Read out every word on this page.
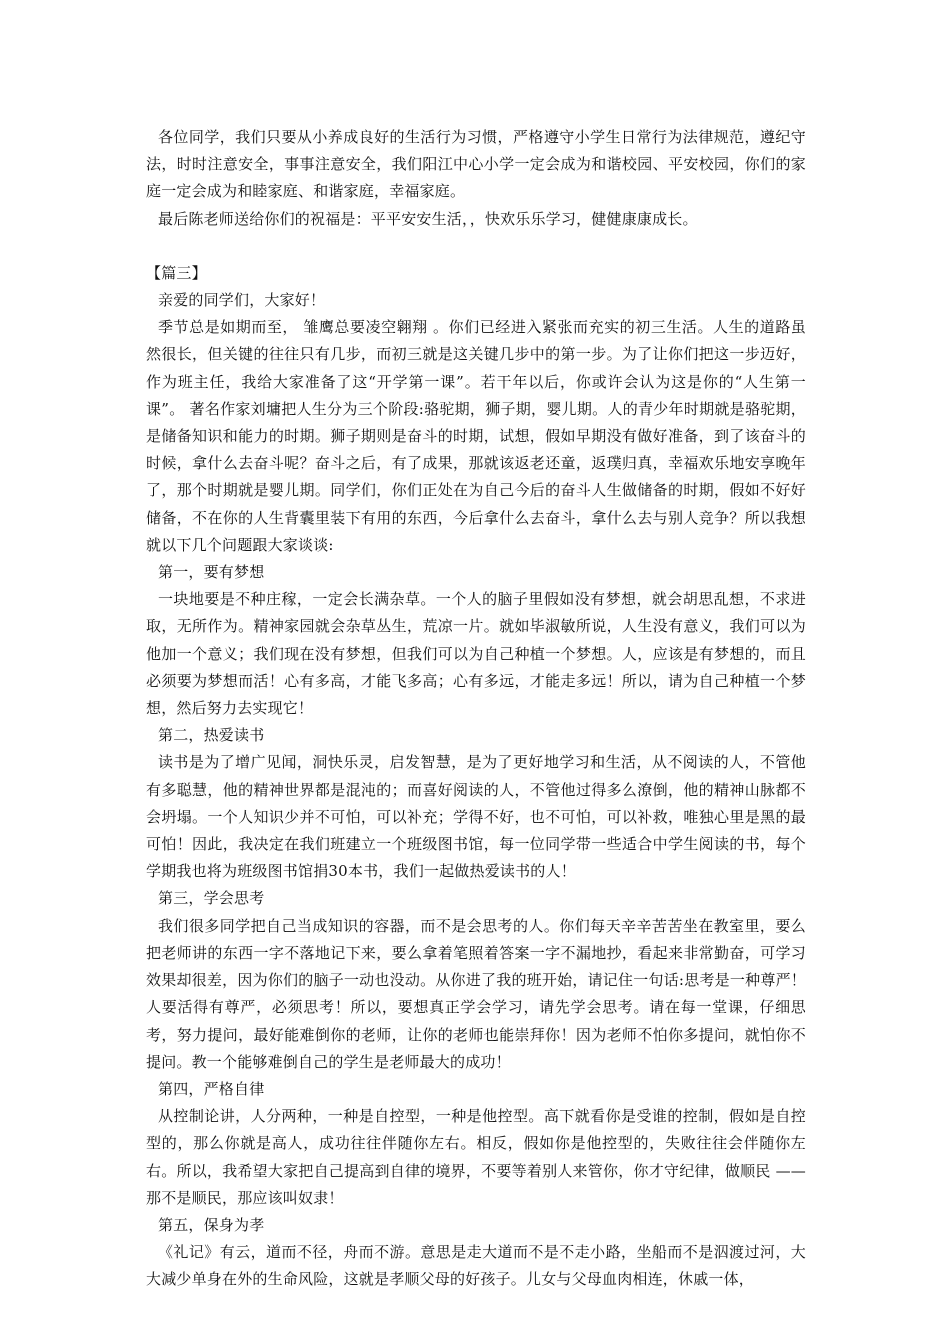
各位同学，我们只要从小养成良好的生活行为习惯，严格遵守小学生日常行为法律规范，遵纪守法，时时注意安全，事事注意安全，我们阳江中心小学一定会成为和谐校园、平安校园，你们的家庭一定会成为和睦家庭、和谐家庭，幸福家庭。

最后陈老师送给你们的祝福是：平平安安生活，，快欢乐乐学习，健健康康成长。

【篇三】

亲爱的同学们，大家好！

季节总是如期而至， 雏鹰总要凌空翱翔 。你们已经进入紧张而充实的初三生活。人生的道路虽然很长，但关键的往往只有几步，而初三就是这关键几步中的第一步。为了让你们把这一步迈好，作为班主任，我给大家准备了这“开学第一课”。若干年以后，你或许会认为这是你的“人生第一课”。 著名作家刘墉把人生分为三个阶段:骆驼期，狮子期，婴儿期。人的青少年时期就是骆驼期，是储备知识和能力的时期。狮子期则是奋斗的时期，试想，假如早期没有做好准备，到了该奋斗的时候，拿什么去奋斗呢？奋斗之后，有了成果，那就该返老还童，返璞归真，幸福欢乐地安享晚年了，那个时期就是婴儿期。同学们，你们正处在为自己今后的奋斗人生做储备的时期，假如不好好储备，不在你的人生背囊里装下有用的东西，今后拿什么去奋斗，拿什么去与别人竞争？所以我想就以下几个问题跟大家谈谈:

第一，要有梦想

一块地要是不种庄稼，一定会长满杂草。一个人的脑子里假如没有梦想，就会胡思乱想，不求进取，无所作为。精神家园就会杂草丛生，荒凉一片。就如毕淑敏所说，人生没有意义，我们可以为他加一个意义；我们现在没有梦想，但我们可以为自己种植一个梦想。人，应该是有梦想的，而且必须要为梦想而活！心有多高，才能飞多高；心有多远，才能走多远！所以，请为自己种植一个梦想，然后努力去实现它！

第二，热爱读书

读书是为了增广见闻，洞快乐灵，启发智慧，是为了更好地学习和生活，从不阅读的人，不管他有多聪慧，他的精神世界都是混沌的；而喜好阅读的人，不管他过得多么潦倒，他的精神山脉都不会坍塌。一个人知识少并不可怕，可以补充；学得不好，也不可怕，可以补救，唯独心里是黑的最可怕！因此，我决定在我们班建立一个班级图书馆，每一位同学带一些适合中学生阅读的书，每个学期我也将为班级图书馆捐30本书，我们一起做热爱读书的人！

第三，学会思考

我们很多同学把自己当成知识的容器，而不是会思考的人。你们每天辛辛苦苦坐在教室里，要么把老师讲的东西一字不落地记下来，要么拿着笔照着答案一字不漏地抄，看起来非常勤奋，可学习效果却很差，因为你们的脑子一动也没动。从你进了我的班开始，请记住一句话:思考是一种尊严！人要活得有尊严，必须思考！所以，要想真正学会学习，请先学会思考。请在每一堂课，仔细思考，努力提问，最好能难倒你的老师，让你的老师也能崇拜你！因为老师不怕你多提问，就怕你不提问。教一个能够难倒自己的学生是老师最大的成功！

第四，严格自律

从控制论讲，人分两种，一种是自控型，一种是他控型。高下就看你是受谁的控制，假如是自控型的，那么你就是高人，成功往往伴随你左右。相反，假如你是他控型的，失败往往会伴随你左右。所以，我希望大家把自己提高到自律的境界，不要等着别人来管你，你才守纪律，做顺民 ——那不是顺民，那应该叫奴隶！

第五，保身为孝

《礼记》有云，道而不径，舟而不游。意思是走大道而不是不走小路，坐船而不是泅渡过河，大大减少单身在外的生命风险，这就是孝顺父母的好孩子。儿女与父母血肉相连，休戚一体，
